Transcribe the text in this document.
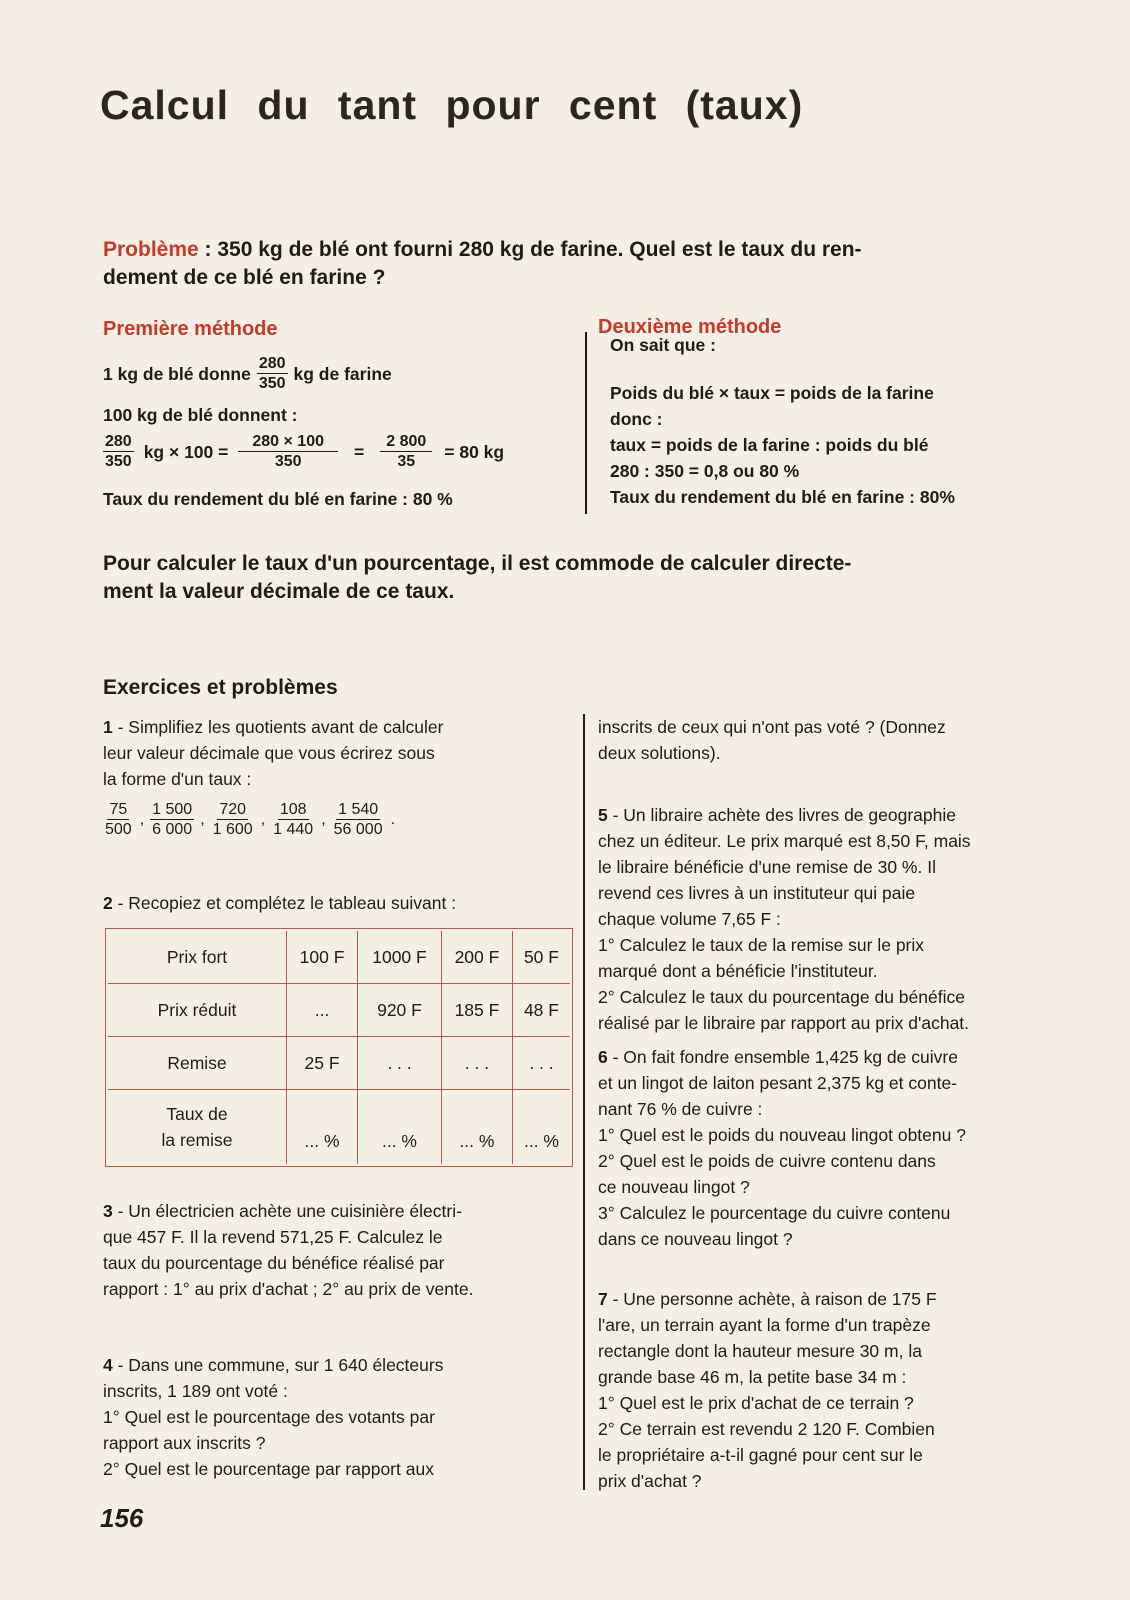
Calcul du tant pour cent (taux)
Problème : 350 kg de blé ont fourni 280 kg de farine. Quel est le taux du ren-
dement de ce blé en farine ?
Première méthode
1 kg de blé donne $\frac{280}{350}$ kg de farine
100 kg de blé donnent :
$\frac{280}{350}$ kg × $100 = \frac{280 \times 100}{350} = \frac{2 800}{35} = 80$ kg
Taux du rendement du blé en farine : 80 %
Deuxième méthode
On sait que :
Poids du blé × taux = poids de la farine
donc :
taux = poids de la farine : poids du blé
280 : 350 = 0,8 ou 80 %
Taux du rendement du blé en farine : 80%
Pour calculer le taux d'un pourcentage, il est commode de calculer directe-
ment la valeur décimale de ce taux.
Exercices et problèmes
1 - Simplifiez les quotients avant de calculer
leur valeur décimale que vous écrirez sous
la forme d'un taux :
$\frac{75}{500}$ , $\frac{1 500}{6 000}$ , $\frac{720}{1 600}$ , $\frac{108}{1 440}$ , $\frac{1 540}{56 000}$ .
2 - Recopiez et complétez le tableau suivant :
Prix fort	100 F	1000 F	200 F	50 F
Prix réduit	...	920 F	185 F	48 F
Remise	25 F	. . .	. . .	. . .

Taux de
la remise	... %	... %	... %	... %
3 - Un électricien achète une cuisinière électri-
que 457 F. Il la revend 571,25 F. Calculez le
taux du pourcentage du bénéfice réalisé par
rapport : 1° au prix d'achat ; 2° au prix de vente.
4 - Dans une commune, sur 1 640 électeurs
inscrits, 1 189 ont voté :
1° Quel est le pourcentage des votants par
rapport aux inscrits ?
2° Quel est le pourcentage par rapport aux
inscrits de ceux qui n'ont pas voté ? (Donnez
deux solutions).
5 - Un libraire achète des livres de geographie
chez un éditeur. Le prix marqué est 8,50 F, mais
le libraire bénéficie d'une remise de 30 %. Il
revend ces livres à un instituteur qui paie
chaque volume 7,65 F :
1° Calculez le taux de la remise sur le prix
marqué dont a bénéficie l'instituteur.
2° Calculez le taux du pourcentage du bénéfice
réalisé par le libraire par rapport au prix d'achat.
6 - On fait fondre ensemble 1,425 kg de cuivre
et un lingot de laiton pesant 2,375 kg et conte-
nant 76 % de cuivre :
1° Quel est le poids du nouveau lingot obtenu ?
2° Quel est le poids de cuivre contenu dans
ce nouveau lingot ?
3° Calculez le pourcentage du cuivre contenu
dans ce nouveau lingot ?
7 - Une personne achète, à raison de 175 F
l'are, un terrain ayant la forme d'un trapèze
rectangle dont la hauteur mesure 30 m, la
grande base 46 m, la petite base 34 m :
1° Quel est le prix d'achat de ce terrain ?
2° Ce terrain est revendu 2 120 F. Combien
le propriétaire a-t-il gagné pour cent sur le
prix d'achat ?
156
